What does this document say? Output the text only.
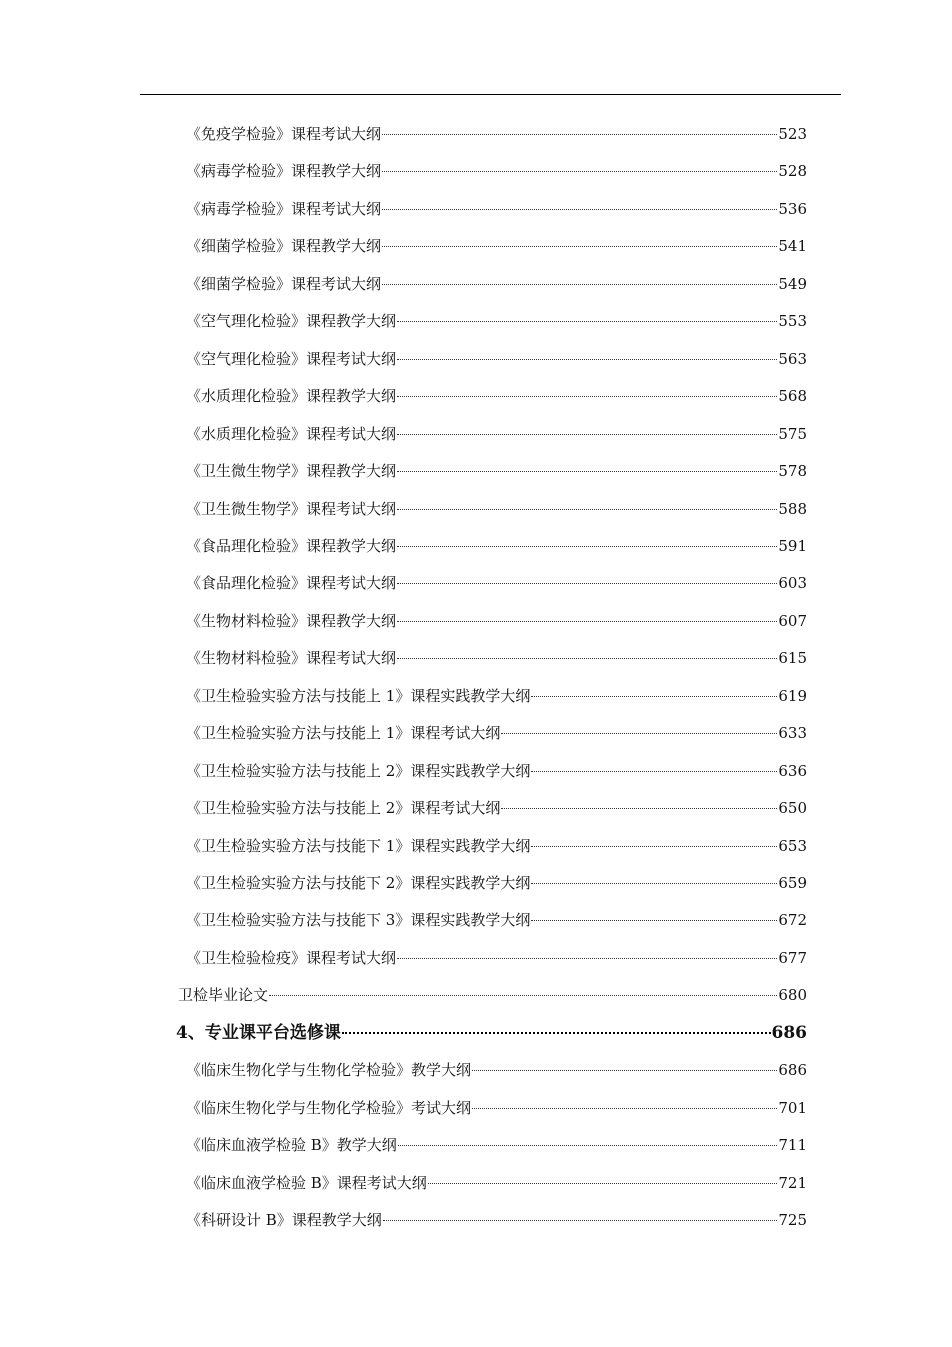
《免疫学检验》课程考试大纲	523
《病毒学检验》课程教学大纲	528
《病毒学检验》课程考试大纲	536
《细菌学检验》课程教学大纲	541
《细菌学检验》课程考试大纲	549
《空气理化检验》课程教学大纲	553
《空气理化检验》课程考试大纲	563
《水质理化检验》课程教学大纲	568
《水质理化检验》课程考试大纲	575
《卫生微生物学》课程教学大纲	578
《卫生微生物学》课程考试大纲	588
《食品理化检验》课程教学大纲	591
《食品理化检验》课程考试大纲	603
《生物材料检验》课程教学大纲	607
《生物材料检验》课程考试大纲	615
《卫生检验实验方法与技能上 1》课程实践教学大纲	619
《卫生检验实验方法与技能上 1》课程考试大纲	633
《卫生检验实验方法与技能上 2》课程实践教学大纲	636
《卫生检验实验方法与技能上 2》课程考试大纲	650
《卫生检验实验方法与技能下 1》课程实践教学大纲	653
《卫生检验实验方法与技能下 2》课程实践教学大纲	659
《卫生检验实验方法与技能下 3》课程实践教学大纲	672
《卫生检验检疫》课程考试大纲	677
卫检毕业论文	680
4、专业课平台选修课	686
《临床生物化学与生物化学检验》教学大纲	686
《临床生物化学与生物化学检验》考试大纲	701
《临床血液学检验 B》教学大纲	711
《临床血液学检验 B》课程考试大纲	721
《科研设计 B》课程教学大纲	725
